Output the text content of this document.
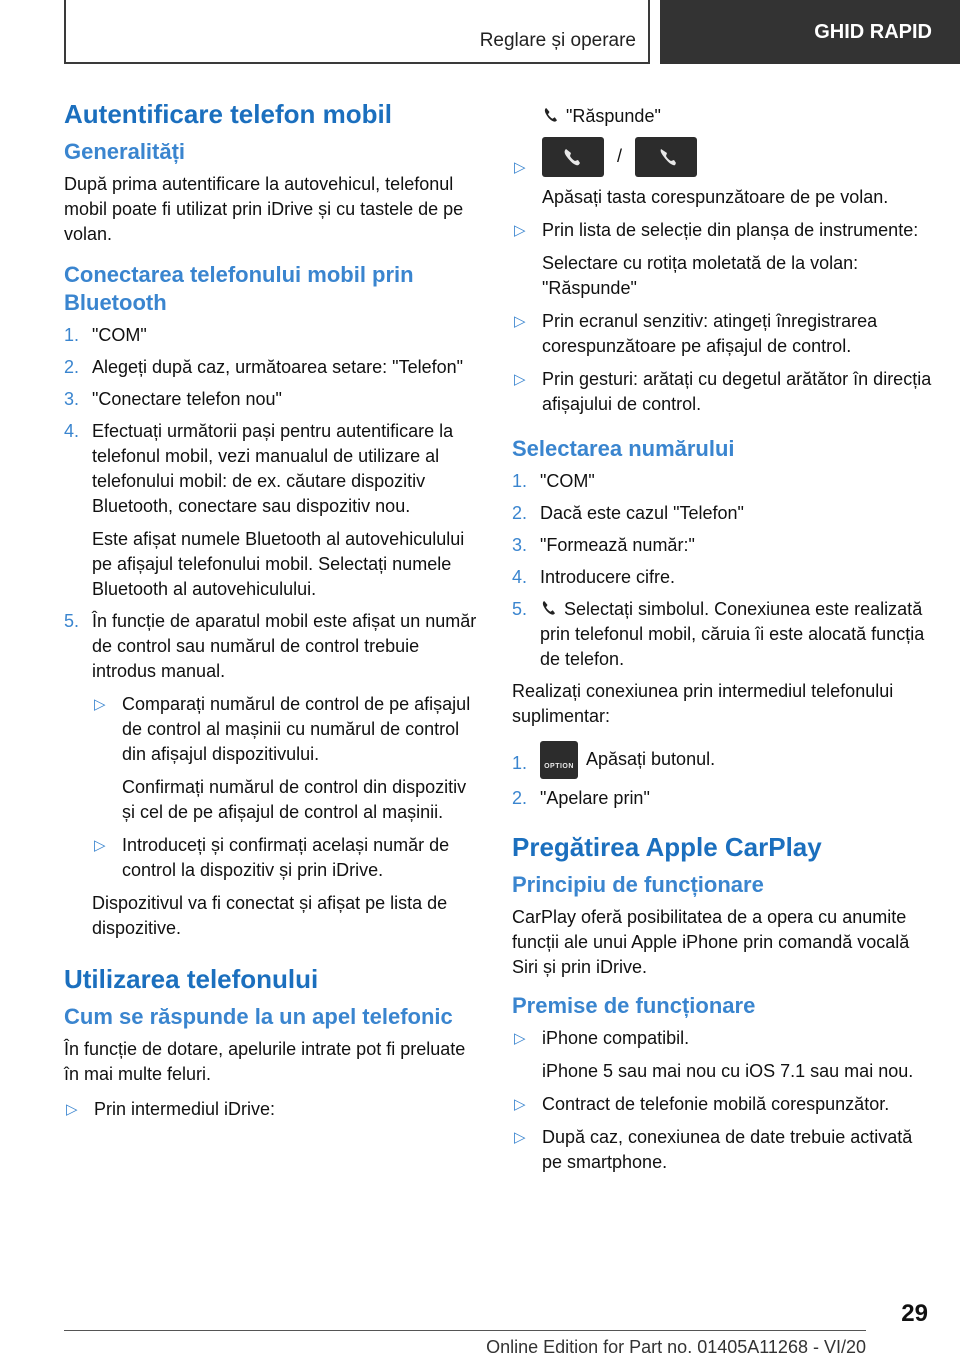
Reglare și operare	GHID RAPID
Autentificare telefon mobil
Generalități
După prima autentificare la autovehicul, telefonul mobil poate fi utilizat prin iDrive și cu tastele de pe volan.
Conectarea telefonului mobil prin Bluetooth
1. "COM"
2. Alegeți după caz, următoarea setare: "Telefon"
3. "Conectare telefon nou"
4. Efectuați următorii pași pentru autentificare la telefonul mobil, vezi manualul de utilizare al telefonului mobil: de ex. căutare dispozitiv Bluetooth, conectare sau dispozitiv nou.
Este afișat numele Bluetooth al autovehiculului pe afișajul telefonului mobil. Selectați numele Bluetooth al autovehiculului.
5. În funcție de aparatul mobil este afișat un număr de control sau numărul de control trebuie introdus manual.
▷ Comparați numărul de control de pe afișajul de control al mașinii cu numărul de control din afișajul dispozitivului.
Confirmați numărul de control din dispozitiv și cel de pe afișajul de control al mașinii.
▷ Introduceți și confirmați același număr de control la dispozitiv și prin iDrive.
Dispozitivul va fi conectat și afișat pe lista de dispozitive.
Utilizarea telefonului
Cum se răspunde la un apel telefonic
În funcție de dotare, apelurile intrate pot fi preluate în mai multe feluri.
▷ Prin intermediul iDrive:
"Răspunde"
▷
/
Apăsați tasta corespunzătoare de pe volan.
▷ Prin lista de selecție din planșa de instrumente:
Selectare cu rotița moletată de la volan: "Răspunde"
▷ Prin ecranul senzitiv: atingeți înregistrarea corespunzătoare pe afișajul de control.
▷ Prin gesturi: arătați cu degetul arătător în direcția afișajului de control.
Selectarea numărului
1. "COM"
2. Dacă este cazul "Telefon"
3. "Formează număr:"
4. Introducere cifre.
5. Selectați simbolul. Conexiunea este realizată prin telefonul mobil, căruia îi este alocată funcția de telefon.
Realizați conexiunea prin intermediul telefonului suplimentar:
1.	OPTION Apăsați butonul.
2. "Apelare prin"
Pregătirea Apple CarPlay
Principiu de funcționare
CarPlay oferă posibilitatea de a opera cu anumite funcții ale unui Apple iPhone prin comandă vocală Siri și prin iDrive.
Premise de funcționare
▷ iPhone compatibil.
iPhone 5 sau mai nou cu iOS 7.1 sau mai nou.
▷ Contract de telefonie mobilă corespunzător.
▷ După caz, conexiunea de date trebuie activată pe smartphone.
29
Online Edition for Part no. 01405A11268 - VI/20
